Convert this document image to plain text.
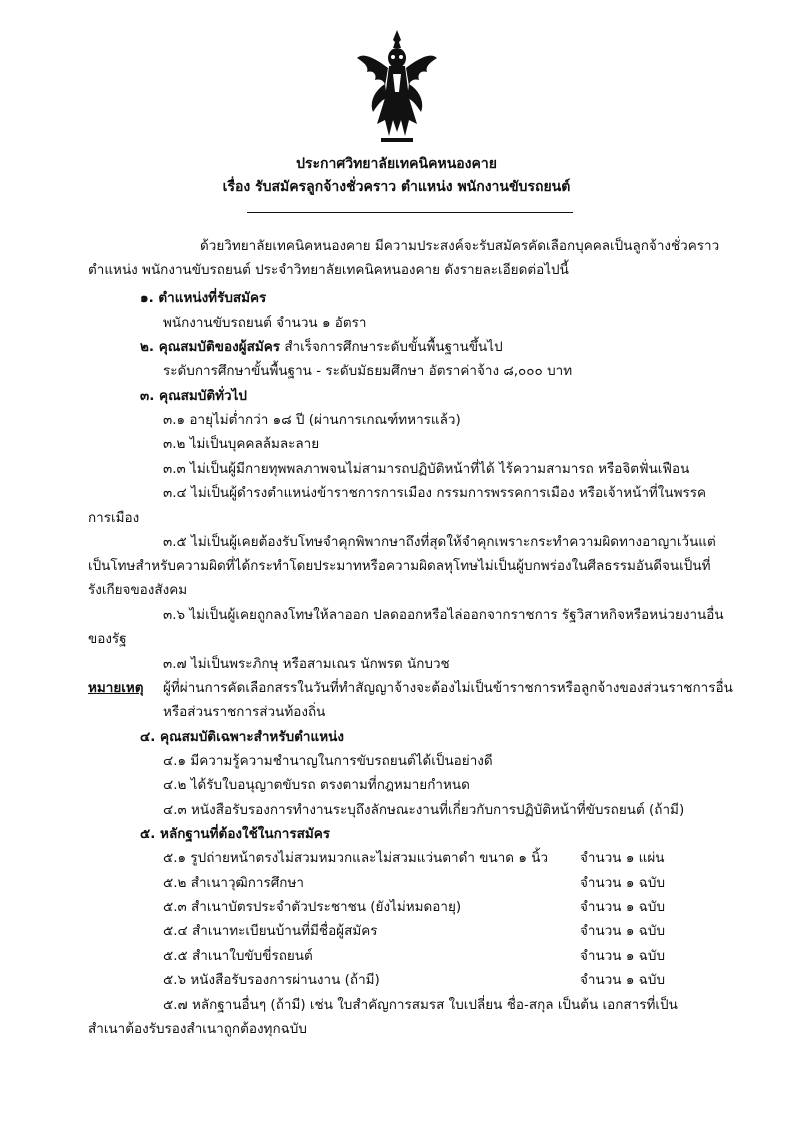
ประกาศวิทยาลัยเทคนิคหนองคาย
เรื่อง รับสมัครลูกจ้างชั่วคราว ตำแหน่ง พนักงานขับรถยนต์
ด้วยวิทยาลัยเทคนิคหนองคาย มีความประสงค์จะรับสมัครคัดเลือกบุคคลเป็นลูกจ้างชั่วคราว
ตำแหน่ง พนักงานขับรถยนต์ ประจำวิทยาลัยเทคนิคหนองคาย ดังรายละเอียดต่อไปนี้
๑. ตำแหน่งที่รับสมัคร
พนักงานขับรถยนต์ จำนวน ๑ อัตรา
๒. คุณสมบัติของผู้สมัคร สำเร็จการศึกษาระดับขั้นพื้นฐานขึ้นไป
ระดับการศึกษาขั้นพื้นฐาน - ระดับมัธยมศึกษา อัตราค่าจ้าง ๘,๐๐๐ บาท
๓. คุณสมบัติทั่วไป
๓.๑ อายุไม่ต่ำกว่า ๑๘ ปี (ผ่านการเกณฑ์ทหารแล้ว)
๓.๒ ไม่เป็นบุคคลล้มละลาย
๓.๓ ไม่เป็นผู้มีกายทุพพลภาพจนไม่สามารถปฏิบัติหน้าที่ได้ ไร้ความสามารถ หรือจิตฟั่นเฟือน
๓.๔ ไม่เป็นผู้ดำรงตำแหน่งข้าราชการการเมือง กรรมการพรรคการเมือง หรือเจ้าหน้าที่ในพรรค
การเมือง
๓.๕ ไม่เป็นผู้เคยต้องรับโทษจำคุกพิพากษาถึงที่สุดให้จำคุกเพราะกระทำความผิดทางอาญาเว้นแต่
เป็นโทษสำหรับความผิดที่ได้กระทำโดยประมาทหรือความผิดลหุโทษไม่เป็นผู้บกพร่องในศีลธรรมอันดีจนเป็นที่
รังเกียจของสังคม
๓.๖ ไม่เป็นผู้เคยถูกลงโทษให้ลาออก ปลดออกหรือไล่ออกจากราชการ รัฐวิสาหกิจหรือหน่วยงานอื่น
ของรัฐ
๓.๗ ไม่เป็นพระภิกษุ หรือสามเณร นักพรต นักบวช
หมายเหตุ ผู้ที่ผ่านการคัดเลือกสรรในวันที่ทำสัญญาจ้างจะต้องไม่เป็นข้าราชการหรือลูกจ้างของส่วนราชการอื่น
หรือส่วนราชการส่วนท้องถิ่น
๔. คุณสมบัติเฉพาะสำหรับตำแหน่ง
๔.๑ มีความรู้ความชำนาญในการขับรถยนต์ได้เป็นอย่างดี
๔.๒ ได้รับใบอนุญาตขับรถ ตรงตามที่กฎหมายกำหนด
๔.๓ หนังสือรับรองการทำงานระบุถึงลักษณะงานที่เกี่ยวกับการปฏิบัติหน้าที่ขับรถยนต์ (ถ้ามี)
๕. หลักฐานที่ต้องใช้ในการสมัคร
๕.๑ รูปถ่ายหน้าตรงไม่สวมหมวกและไม่สวมแว่นตาดำ ขนาด ๑ นิ้ว จำนวน ๑ แผ่น
๕.๒ สำเนาวุฒิการศึกษา	จำนวน ๑ ฉบับ
๕.๓ สำเนาบัตรประจำตัวประชาชน (ยังไม่หมดอายุ)	จำนวน ๑ ฉบับ
๕.๔ สำเนาทะเบียนบ้านที่มีชื่อผู้สมัคร	จำนวน ๑ ฉบับ
๕.๕ สำเนาใบขับขี่รถยนต์	จำนวน ๑ ฉบับ
๕.๖ หนังสือรับรองการผ่านงาน (ถ้ามี)	จำนวน ๑ ฉบับ
๕.๗ หลักฐานอื่นๆ (ถ้ามี) เช่น ใบสำคัญการสมรส ใบเปลี่ยน ชื่อ-สกุล เป็นต้น เอกสารที่เป็น
สำเนาต้องรับรองสำเนาถูกต้องทุกฉบับ
